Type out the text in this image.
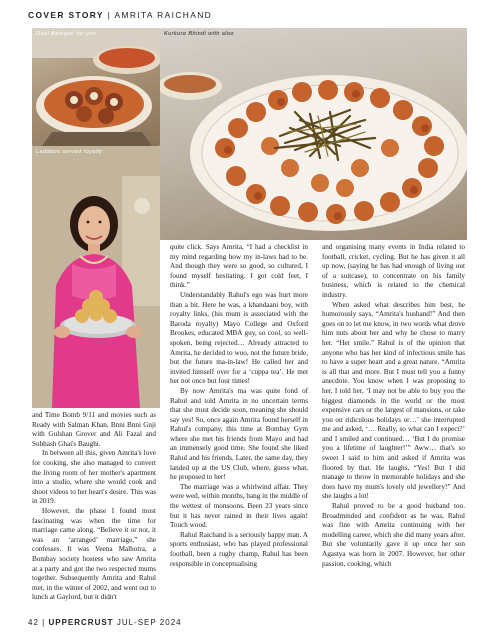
COVER STORY | AMRITA RAICHAND
Dahi Baingan for you	Kurkure Bhindi with aloo
Laddoos served royally

and Time Bomb 9/11 and movies such as Ready with Salman Khan, Bnni Bnni Gnji with Gulshan Grover and Ali Fazal and Subhash Ghai's Baughi.

In between all this, given Amrita's love for cooking, she also managed to convert the living room of her mother's apartment into a studio, where she would cook and shoot videos to her heart's desire. This was in 2019.

However, the phase I found most fascinating was when the time for marriage came along. “Believe it or not, it was an ‘arranged’ marriage,” she confesses. It was Veena Malhotra, a Bombay society hostess who saw Amrita at a party and got the two respected mums together. Subsequently Amrita and Rahul met, in the winter of 2002, and went out to lunch at Gaylord, but it didn't

quite click. Says Amrita, “I had a checklist in my mind regarding how my in-laws had to be. And though they were so good, so cultured, I found myself hesitating. I got cold feet, I think.”

Understandably Rahul's ego was hurt more than a bit. Here he was, a khandaani boy, with royalty links, (his mum is associated with the Baroda royalty) Mayo College and Oxford Brookes, educated MBA guy, so cool, so well-spoken, being rejected… Already attracted to Amrita, he decided to woo, not the future bride, but the future ma-in-law! He called her and invited himself over for a ‘cuppa tea’. He met her not once but four times!

By now Amrita's ma was quite fond of Rahul and told Amrita in no uncertain terms that she must decide soon, meaning she should say yes! So, once again Amrita found herself in Rahul's company, this time at Bombay Gym where she met his friends from Mayo and had an immensely good time. She found she liked Rahul and his friends. Later, the same day, they landed up at the US Club, where, guess what, he proposed to her!

The marriage was a whirlwind affair. They were wed, within months, bang in the middle of the wettest of monsoons. Been 23 years since but it has never rained in their lives again! Touch wood.

Rahul Raichand is a seriously happy man. A sports enthusiast, who has played professional football, been a rugby champ, Rahul has been responsible in conceptualising

and organising many events in India related to football, cricket, cycling. But he has given it all up now, (saying he has had enough of living out of a suitcase), to concentrate on his family business, which is related to the chemical industry.

When asked what describes him best, he humorously says, “Amrita's husband!” And then goes on to let me know, in two words what drove him nuts about her and why he chose to marry her. “Her smile.” Rahul is of the opinion that anyone who has her kind of infectious smile has to have a super heart and a great nature. “Amrita is all that and more. But I must tell you a funny anecdote. You know when I was proposing to her, I told her, ‘I may not be able to buy you the biggest diamonds in the world or the most expensive cars or the largest of mansions, or take you on ridiculous holidays or…’ she interrupted me and asked, ‘… Really, so what can I expect?’ and I smiled and continued… ‘But I do promise you a lifetime of laughter!’” Aww… that's so sweet I said to him and asked if Amrita was floored by that. He laughs, “Yes! But I did manage to throw in memorable holidays and she does have my mum's lovely old jewellery!” And she laughs a lot!

Rahul proved to be a good husband too. Broadminded and confident as he was, Rahul was fine with Amrita continuing with her modelling career, which she did many years after. But she voluntarily gave it up once her son Agastya was born in 2007. However, her other passion, cooking, which

42 | UPPERCRUST JUL-SEP 2024
